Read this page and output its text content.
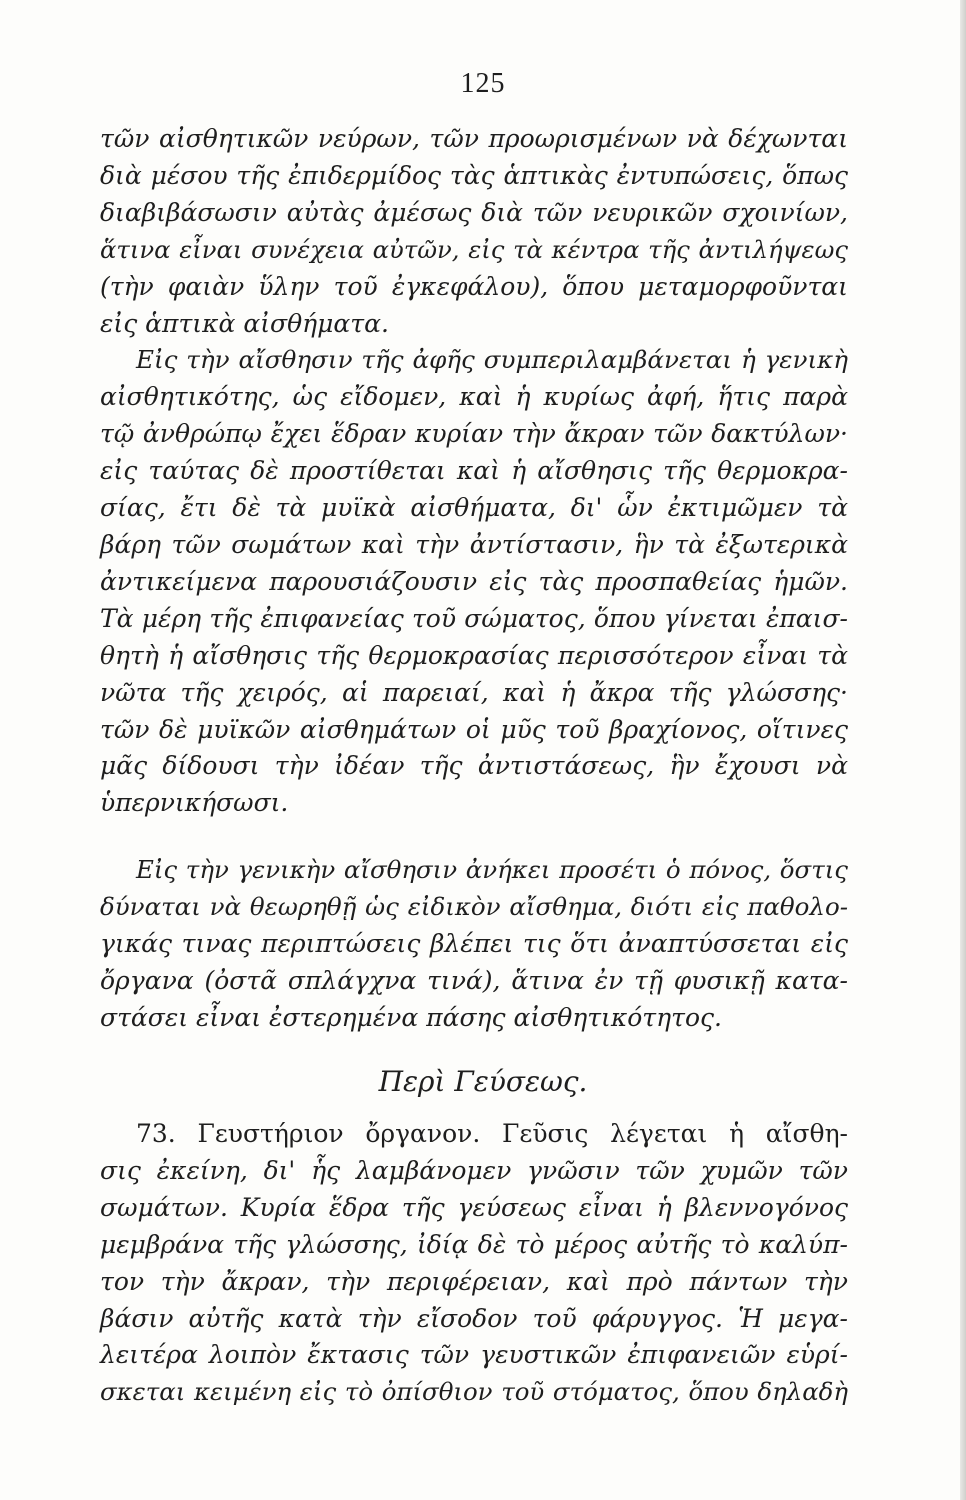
125
τῶν αἰσθητικῶν νεύρων, τῶν προωρισμένων νὰ δέχωνται
διὰ μέσου τῆς ἐπιδερμίδος τὰς ἁπτικὰς ἐντυπώσεις, ὅπως
διαβιβάσωσιν αὐτὰς ἀμέσως διὰ τῶν νευρικῶν σχοινίων,
ἅτινα εἶναι συνέχεια αὐτῶν, εἰς τὰ κέντρα τῆς ἀντιλήψεως
(τὴν φαιὰν ὕλην τοῦ ἐγκεφάλου), ὅπου μεταμορφοῦνται
εἰς ἁπτικὰ αἰσθήματα.
Εἰς τὴν αἴσθησιν τῆς ἀφῆς συμπεριλαμβάνεται ἡ γενικὴ
αἰσθητικότης, ὡς εἴδομεν, καὶ ἡ κυρίως ἀφή, ἥτις παρὰ
τῷ ἀνθρώπῳ ἔχει ἕδραν κυρίαν τὴν ἄκραν τῶν δακτύλων·
εἰς ταύτας δὲ προστίθεται καὶ ἡ αἴσθησις τῆς θερμοκρα-
σίας, ἔτι δὲ τὰ μυϊκὰ αἰσθήματα, δι' ὧν ἐκτιμῶμεν τὰ
βάρη τῶν σωμάτων καὶ τὴν ἀντίστασιν, ἣν τὰ ἐξωτερικὰ
ἀντικείμενα παρουσιάζουσιν εἰς τὰς προσπαθείας ἡμῶν.
Τὰ μέρη τῆς ἐπιφανείας τοῦ σώματος, ὅπου γίνεται ἐπαισ-
θητὴ ἡ αἴσθησις τῆς θερμοκρασίας περισσότερον εἶναι τὰ
νῶτα τῆς χειρός, αἱ παρειαί, καὶ ἡ ἄκρα τῆς γλώσσης·
τῶν δὲ μυϊκῶν αἰσθημάτων οἱ μῦς τοῦ βραχίονος, οἵτινες
μᾶς δίδουσι τὴν ἰδέαν τῆς ἀντιστάσεως, ἣν ἔχουσι νὰ
ὑπερνικήσωσι.
Εἰς τὴν γενικὴν αἴσθησιν ἀνήκει προσέτι ὁ πόνος, ὅστις
δύναται νὰ θεωρηθῇ ὡς εἰδικὸν αἴσθημα, διότι εἰς παθολο-
γικάς τινας περιπτώσεις βλέπει τις ὅτι ἀναπτύσσεται εἰς
ὄργανα (ὀστᾶ σπλάγχνα τινά), ἅτινα ἐν τῇ φυσικῇ κατα-
στάσει εἶναι ἐστερημένα πάσης αἰσθητικότητος.
Περὶ Γεύσεως.
73. Γευστήριον ὄργανον. Γεῦσις λέγεται ἡ αἴσθη-
σις ἐκείνη, δι' ἧς λαμβάνομεν γνῶσιν τῶν χυμῶν τῶν
σωμάτων. Κυρία ἕδρα τῆς γεύσεως εἶναι ἡ βλεννογόνος
μεμβράνα τῆς γλώσσης, ἰδίᾳ δὲ τὸ μέρος αὐτῆς τὸ καλύπ-
τον τὴν ἄκραν, τὴν περιφέρειαν, καὶ πρὸ πάντων τὴν
βάσιν αὐτῆς κατὰ τὴν εἴσοδον τοῦ φάρυγγος. Ἡ μεγα-
λειτέρα λοιπὸν ἔκτασις τῶν γευστικῶν ἐπιφανειῶν εὑρί-
σκεται κειμένη εἰς τὸ ὀπίσθιον τοῦ στόματος, ὅπου δηλαδὴ
